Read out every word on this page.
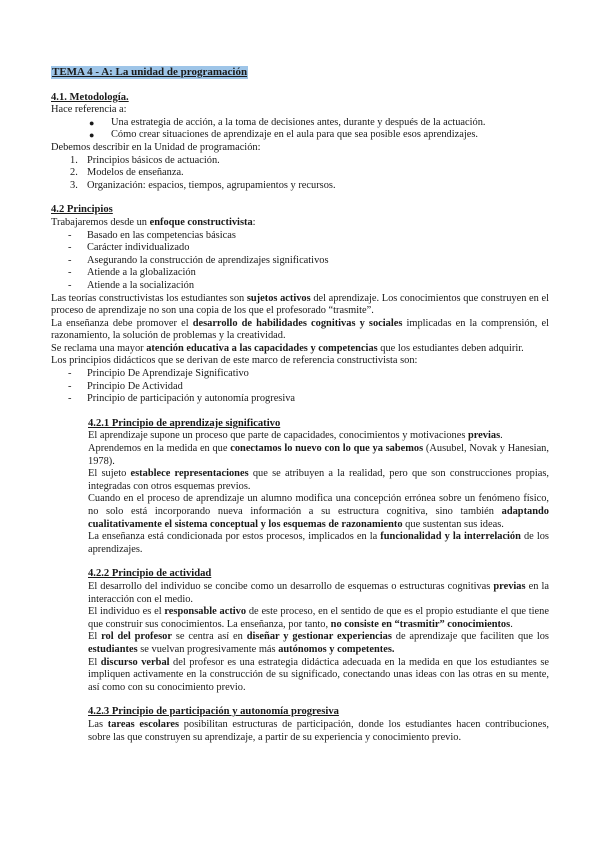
TEMA 4 - A: La unidad de programación
4.1. Metodología.
Hace referencia a:
● Una estrategia de acción, a la toma de decisiones antes, durante y después de la actuación.
● Cómo crear situaciones de aprendizaje en el aula para que sea posible esos aprendizajes.
Debemos describir en la Unidad de programación:
1. Principios básicos de actuación.
2. Modelos de enseñanza.
3. Organización: espacios, tiempos, agrupamientos y recursos.
4.2 Principios
Trabajaremos desde un enfoque constructivista:
- Basado en las competencias básicas
- Carácter individualizado
- Asegurando la construcción de aprendizajes significativos
- Atiende a la globalización
- Atiende a la socialización
Las teorías constructivistas los estudiantes son sujetos activos del aprendizaje. Los conocimientos que construyen en el proceso de aprendizaje no son una copia de los que el profesorado “trasmite”.
La enseñanza debe promover el desarrollo de habilidades cognitivas y sociales implicadas en la comprensión, el razonamiento, la solución de problemas y la creatividad.
Se reclama una mayor atención educativa a las capacidades y competencias que los estudiantes deben adquirir.
Los principios didácticos que se derivan de este marco de referencia constructivista son:
- Principio De Aprendizaje Significativo
- Principio De Actividad
- Principio de participación y autonomía progresiva
4.2.1 Principio de aprendizaje significativo
El aprendizaje supone un proceso que parte de capacidades, conocimientos y motivaciones previas.
Aprendemos en la medida en que conectamos lo nuevo con lo que ya sabemos (Ausubel, Novak y Hanesian, 1978).
El sujeto establece representaciones que se atribuyen a la realidad, pero que son construcciones propias, integradas con otros esquemas previos.
Cuando en el proceso de aprendizaje un alumno modifica una concepción errónea sobre un fenómeno físico, no solo está incorporando nueva información a su estructura cognitiva, sino también adaptando cualitativamente el sistema conceptual y los esquemas de razonamiento que sustentan sus ideas.
La enseñanza está condicionada por estos procesos, implicados en la funcionalidad y la interrelación de los aprendizajes.
4.2.2 Principio de actividad
El desarrollo del individuo se concibe como un desarrollo de esquemas o estructuras cognitivas previas en la interacción con el medio.
El individuo es el responsable activo de este proceso, en el sentido de que es el propio estudiante el que tiene que construir sus conocimientos. La enseñanza, por tanto, no consiste en “trasmitir” conocimientos.
El rol del profesor se centra así en diseñar y gestionar experiencias de aprendizaje que faciliten que los estudiantes se vuelvan progresivamente más autónomos y competentes.
El discurso verbal del profesor es una estrategia didáctica adecuada en la medida en que los estudiantes se impliquen activamente en la construcción de su significado, conectando unas ideas con las otras en su mente, así como con su conocimiento previo.
4.2.3 Principio de participación y autonomía progresiva
Las tareas escolares posibilitan estructuras de participación, donde los estudiantes hacen contribuciones, sobre las que construyen su aprendizaje, a partir de su experiencia y conocimiento previo.
